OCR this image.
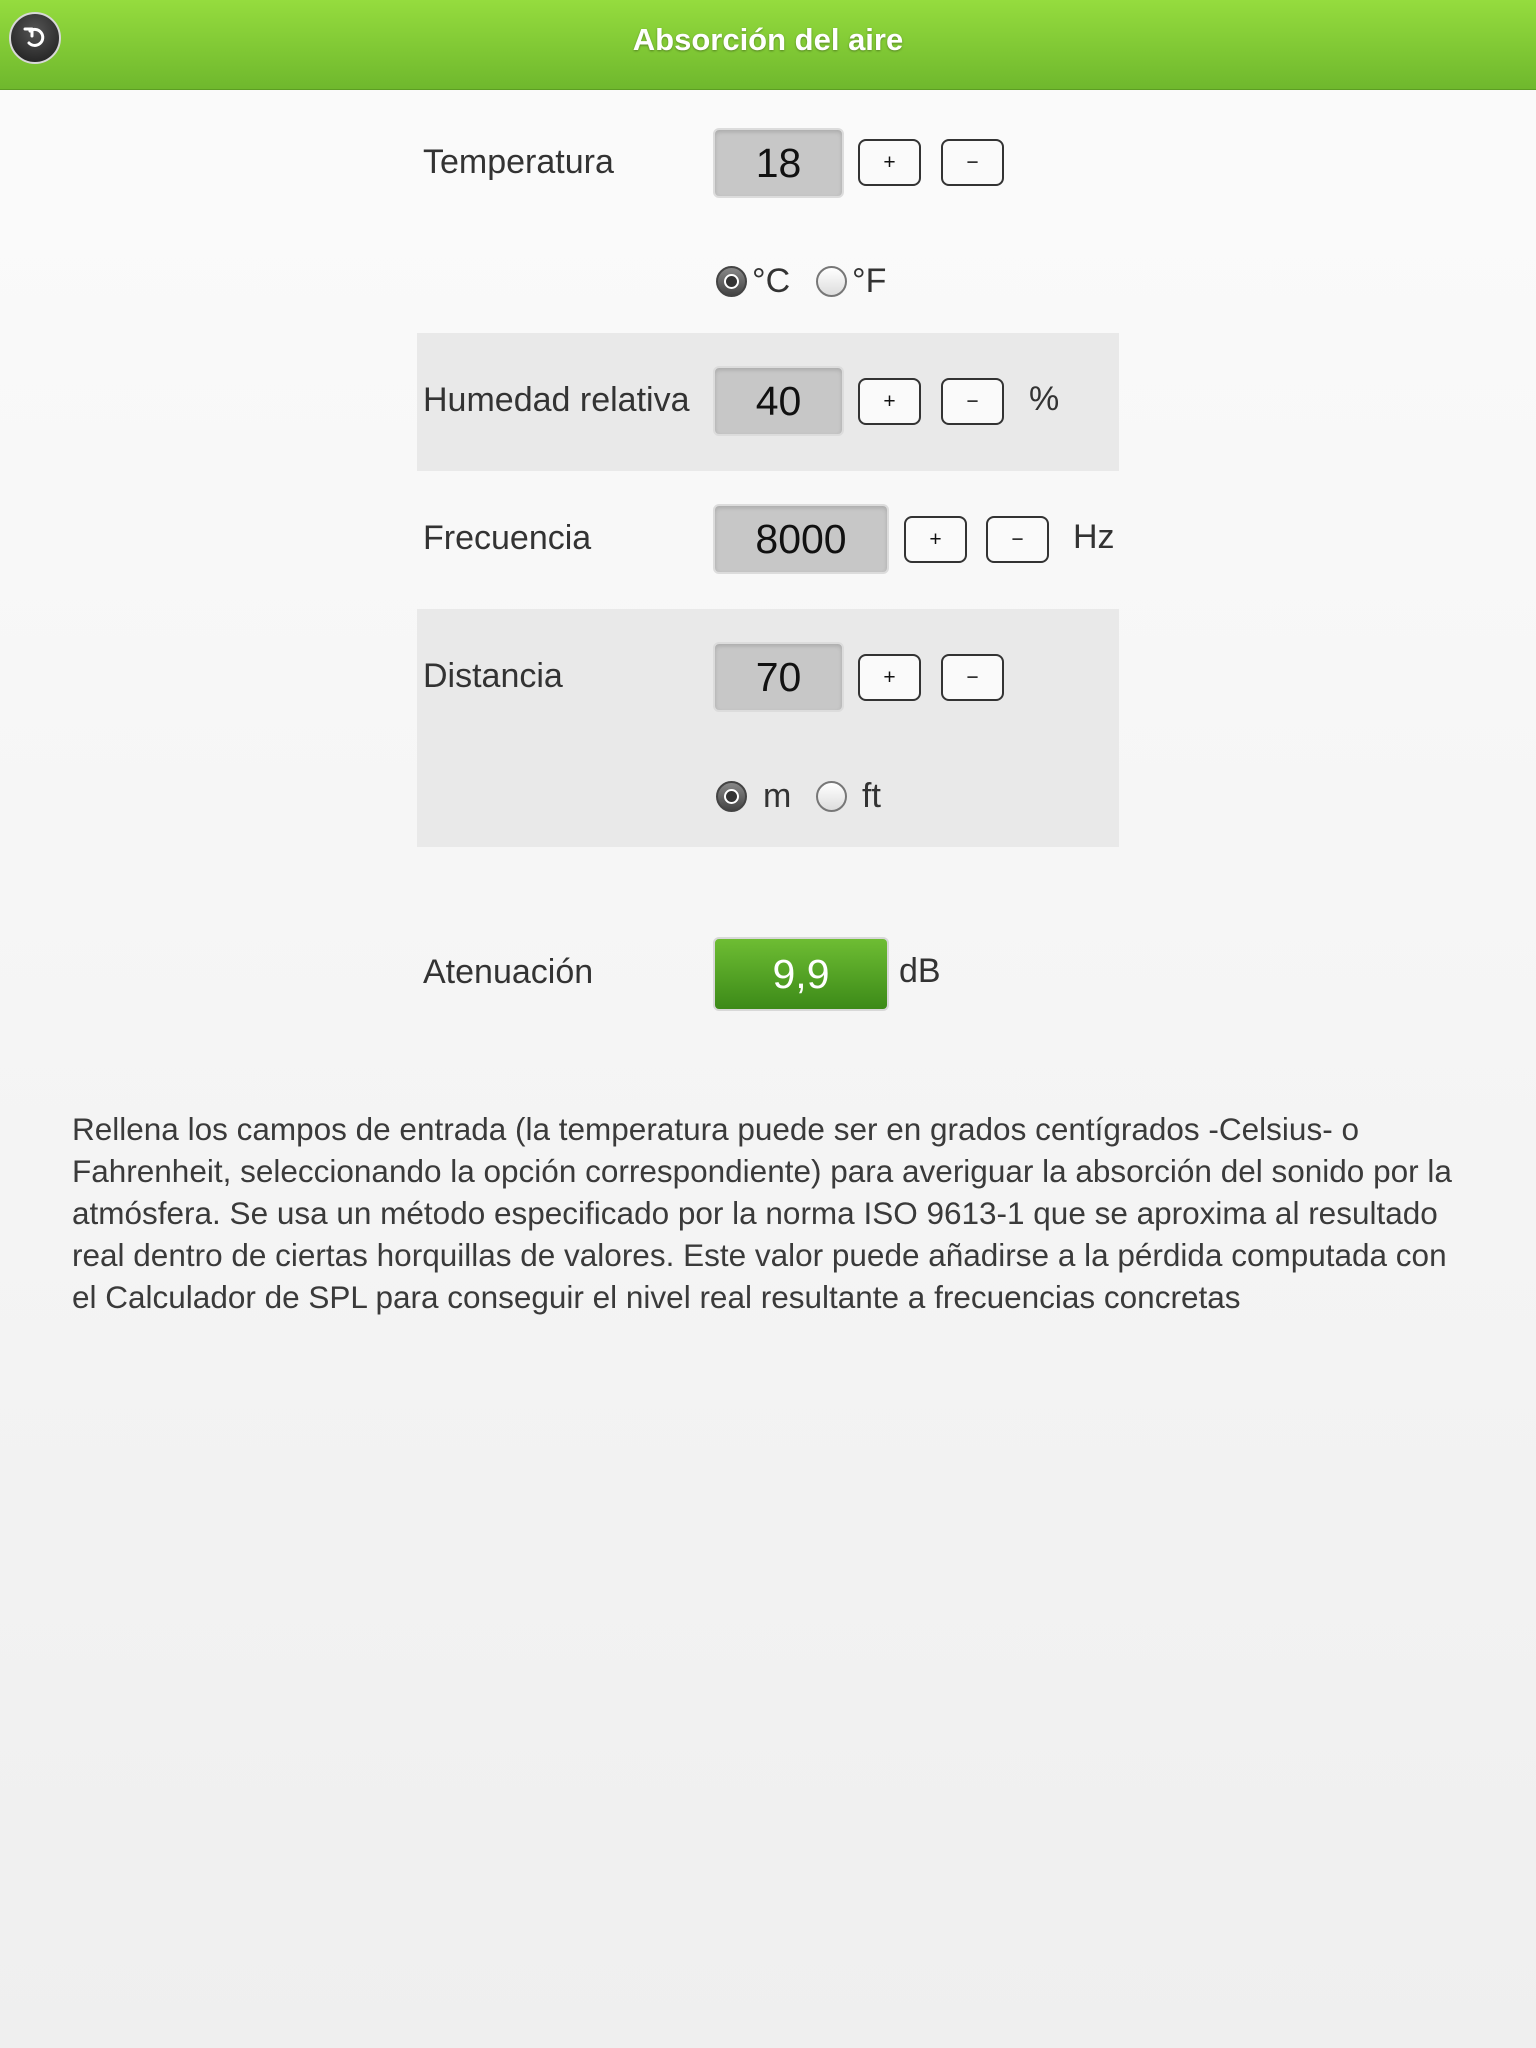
Absorción del aire
Temperatura	18	+	−
°C °F
Humedad relativa	40	+	−	%
Frecuencia	8000	+	−	Hz
Distancia	70	+	−
m ft
Atenuación	9,9	dB
Rellena los campos de entrada (la temperatura puede ser en grados centígrados -Celsius- o Fahrenheit, seleccionando la opción correspondiente) para averiguar la absorción del sonido por la atmósfera. Se usa un método especificado por la norma ISO 9613-1 que se aproxima al resultado real dentro de ciertas horquillas de valores. Este valor puede añadirse a la pérdida computada con el Calculador de SPL para conseguir el nivel real resultante a frecuencias concretas
